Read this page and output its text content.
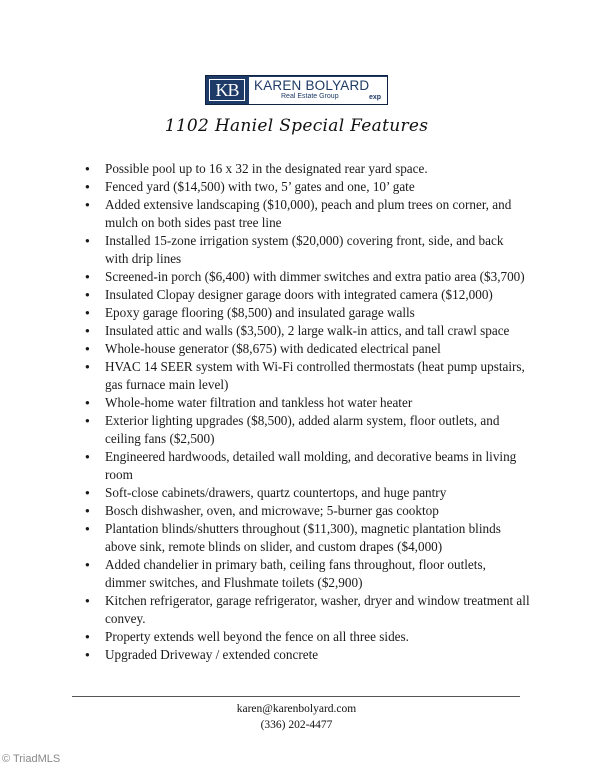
KB	KAREN BOLYARD
Real Estate Group	exp
1102 Haniel Special Features
● Possible pool up to 16 x 32 in the designated rear yard space.
● Fenced yard ($14,500) with two, 5’ gates and one, 10’ gate
● Added extensive landscaping ($10,000), peach and plum trees on corner, and mulch on both sides past tree line
● Installed 15-zone irrigation system ($20,000) covering front, side, and back with drip lines
● Screened-in porch ($6,400) with dimmer switches and extra patio area ($3,700)
● Insulated Clopay designer garage doors with integrated camera ($12,000)
● Epoxy garage flooring ($8,500) and insulated garage walls
● Insulated attic and walls ($3,500), 2 large walk-in attics, and tall crawl space
● Whole-house generator ($8,675) with dedicated electrical panel
● HVAC 14 SEER system with Wi-Fi controlled thermostats (heat pump upstairs, gas furnace main level)
● Whole-home water filtration and tankless hot water heater
● Exterior lighting upgrades ($8,500), added alarm system, floor outlets, and ceiling fans ($2,500)
● Engineered hardwoods, detailed wall molding, and decorative beams in living room
● Soft-close cabinets/drawers, quartz countertops, and huge pantry
● Bosch dishwasher, oven, and microwave; 5-burner gas cooktop
● Plantation blinds/shutters throughout ($11,300), magnetic plantation blinds above sink, remote blinds on slider, and custom drapes ($4,000)
● Added chandelier in primary bath, ceiling fans throughout, floor outlets, dimmer switches, and Flushmate toilets ($2,900)
● Kitchen refrigerator, garage refrigerator, washer, dryer and window treatment all convey.
● Property extends well beyond the fence on all three sides.
● Upgraded Driveway / extended concrete
karen@karenbolyard.com
(336) 202-4477
© TriadMLS
